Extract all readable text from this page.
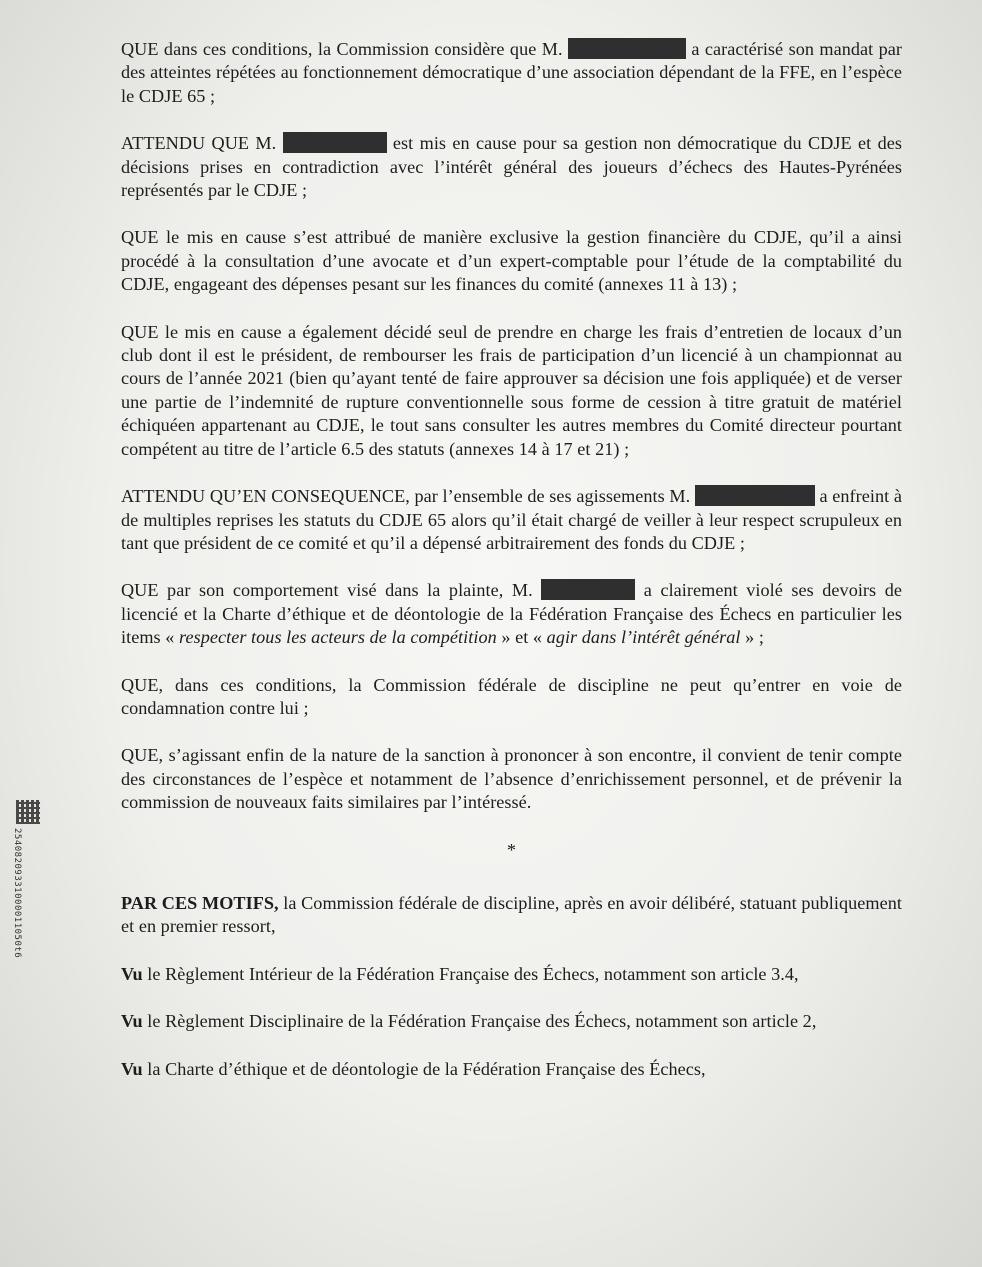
25408209331000011050t6

QUE dans ces conditions, la Commission considère que M.	a caractérisé son mandat par des atteintes répétées au fonctionnement démocratique d’une association dépendant de la FFE, en l’espèce le CDJE 65 ;

ATTENDU QUE M.	est mis en cause pour sa gestion non démocratique du CDJE et des décisions prises en contradiction avec l’intérêt général des joueurs d’échecs des Hautes-Pyrénées représentés par le CDJE ;

QUE le mis en cause s’est attribué de manière exclusive la gestion financière du CDJE, qu’il a ainsi procédé à la consultation d’une avocate et d’un expert-comptable pour l’étude de la comptabilité du CDJE, engageant des dépenses pesant sur les finances du comité (annexes 11 à 13) ;

QUE le mis en cause a également décidé seul de prendre en charge les frais d’entretien de locaux d’un club dont il est le président, de rembourser les frais de participation d’un licencié à un championnat au cours de l’année 2021 (bien qu’ayant tenté de faire approuver sa décision une fois appliquée) et de verser une partie de l’indemnité de rupture conventionnelle sous forme de cession à titre gratuit de matériel échiquéen appartenant au CDJE, le tout sans consulter les autres membres du Comité directeur pourtant compétent au titre de l’article 6.5 des statuts (annexes 14 à 17 et 21) ;

ATTENDU QU’EN CONSEQUENCE, par l’ensemble de ses agissements M.	a enfreint à de multiples reprises les statuts du CDJE 65 alors qu’il était chargé de veiller à leur respect scrupuleux en tant que président de ce comité et qu’il a dépensé arbitrairement des fonds du CDJE ;

QUE par son comportement visé dans la plainte, M.	a clairement violé ses devoirs de licencié et la Charte d’éthique et de déontologie de la Fédération Française des Échecs en particulier les items « respecter tous les acteurs de la compétition » et « agir dans l’intérêt général » ;

QUE, dans ces conditions, la Commission fédérale de discipline ne peut qu’entrer en voie de condamnation contre lui ;

QUE, s’agissant enfin de la nature de la sanction à prononcer à son encontre, il convient de tenir compte des circonstances de l’espèce et notamment de l’absence d’enrichissement personnel, et de prévenir la commission de nouveaux faits similaires par l’intéressé.

*

PAR CES MOTIFS, la Commission fédérale de discipline, après en avoir délibéré, statuant publiquement et en premier ressort,

Vu le Règlement Intérieur de la Fédération Française des Échecs, notamment son article 3.4,

Vu le Règlement Disciplinaire de la Fédération Française des Échecs, notamment son article 2,

Vu la Charte d’éthique et de déontologie de la Fédération Française des Échecs,
